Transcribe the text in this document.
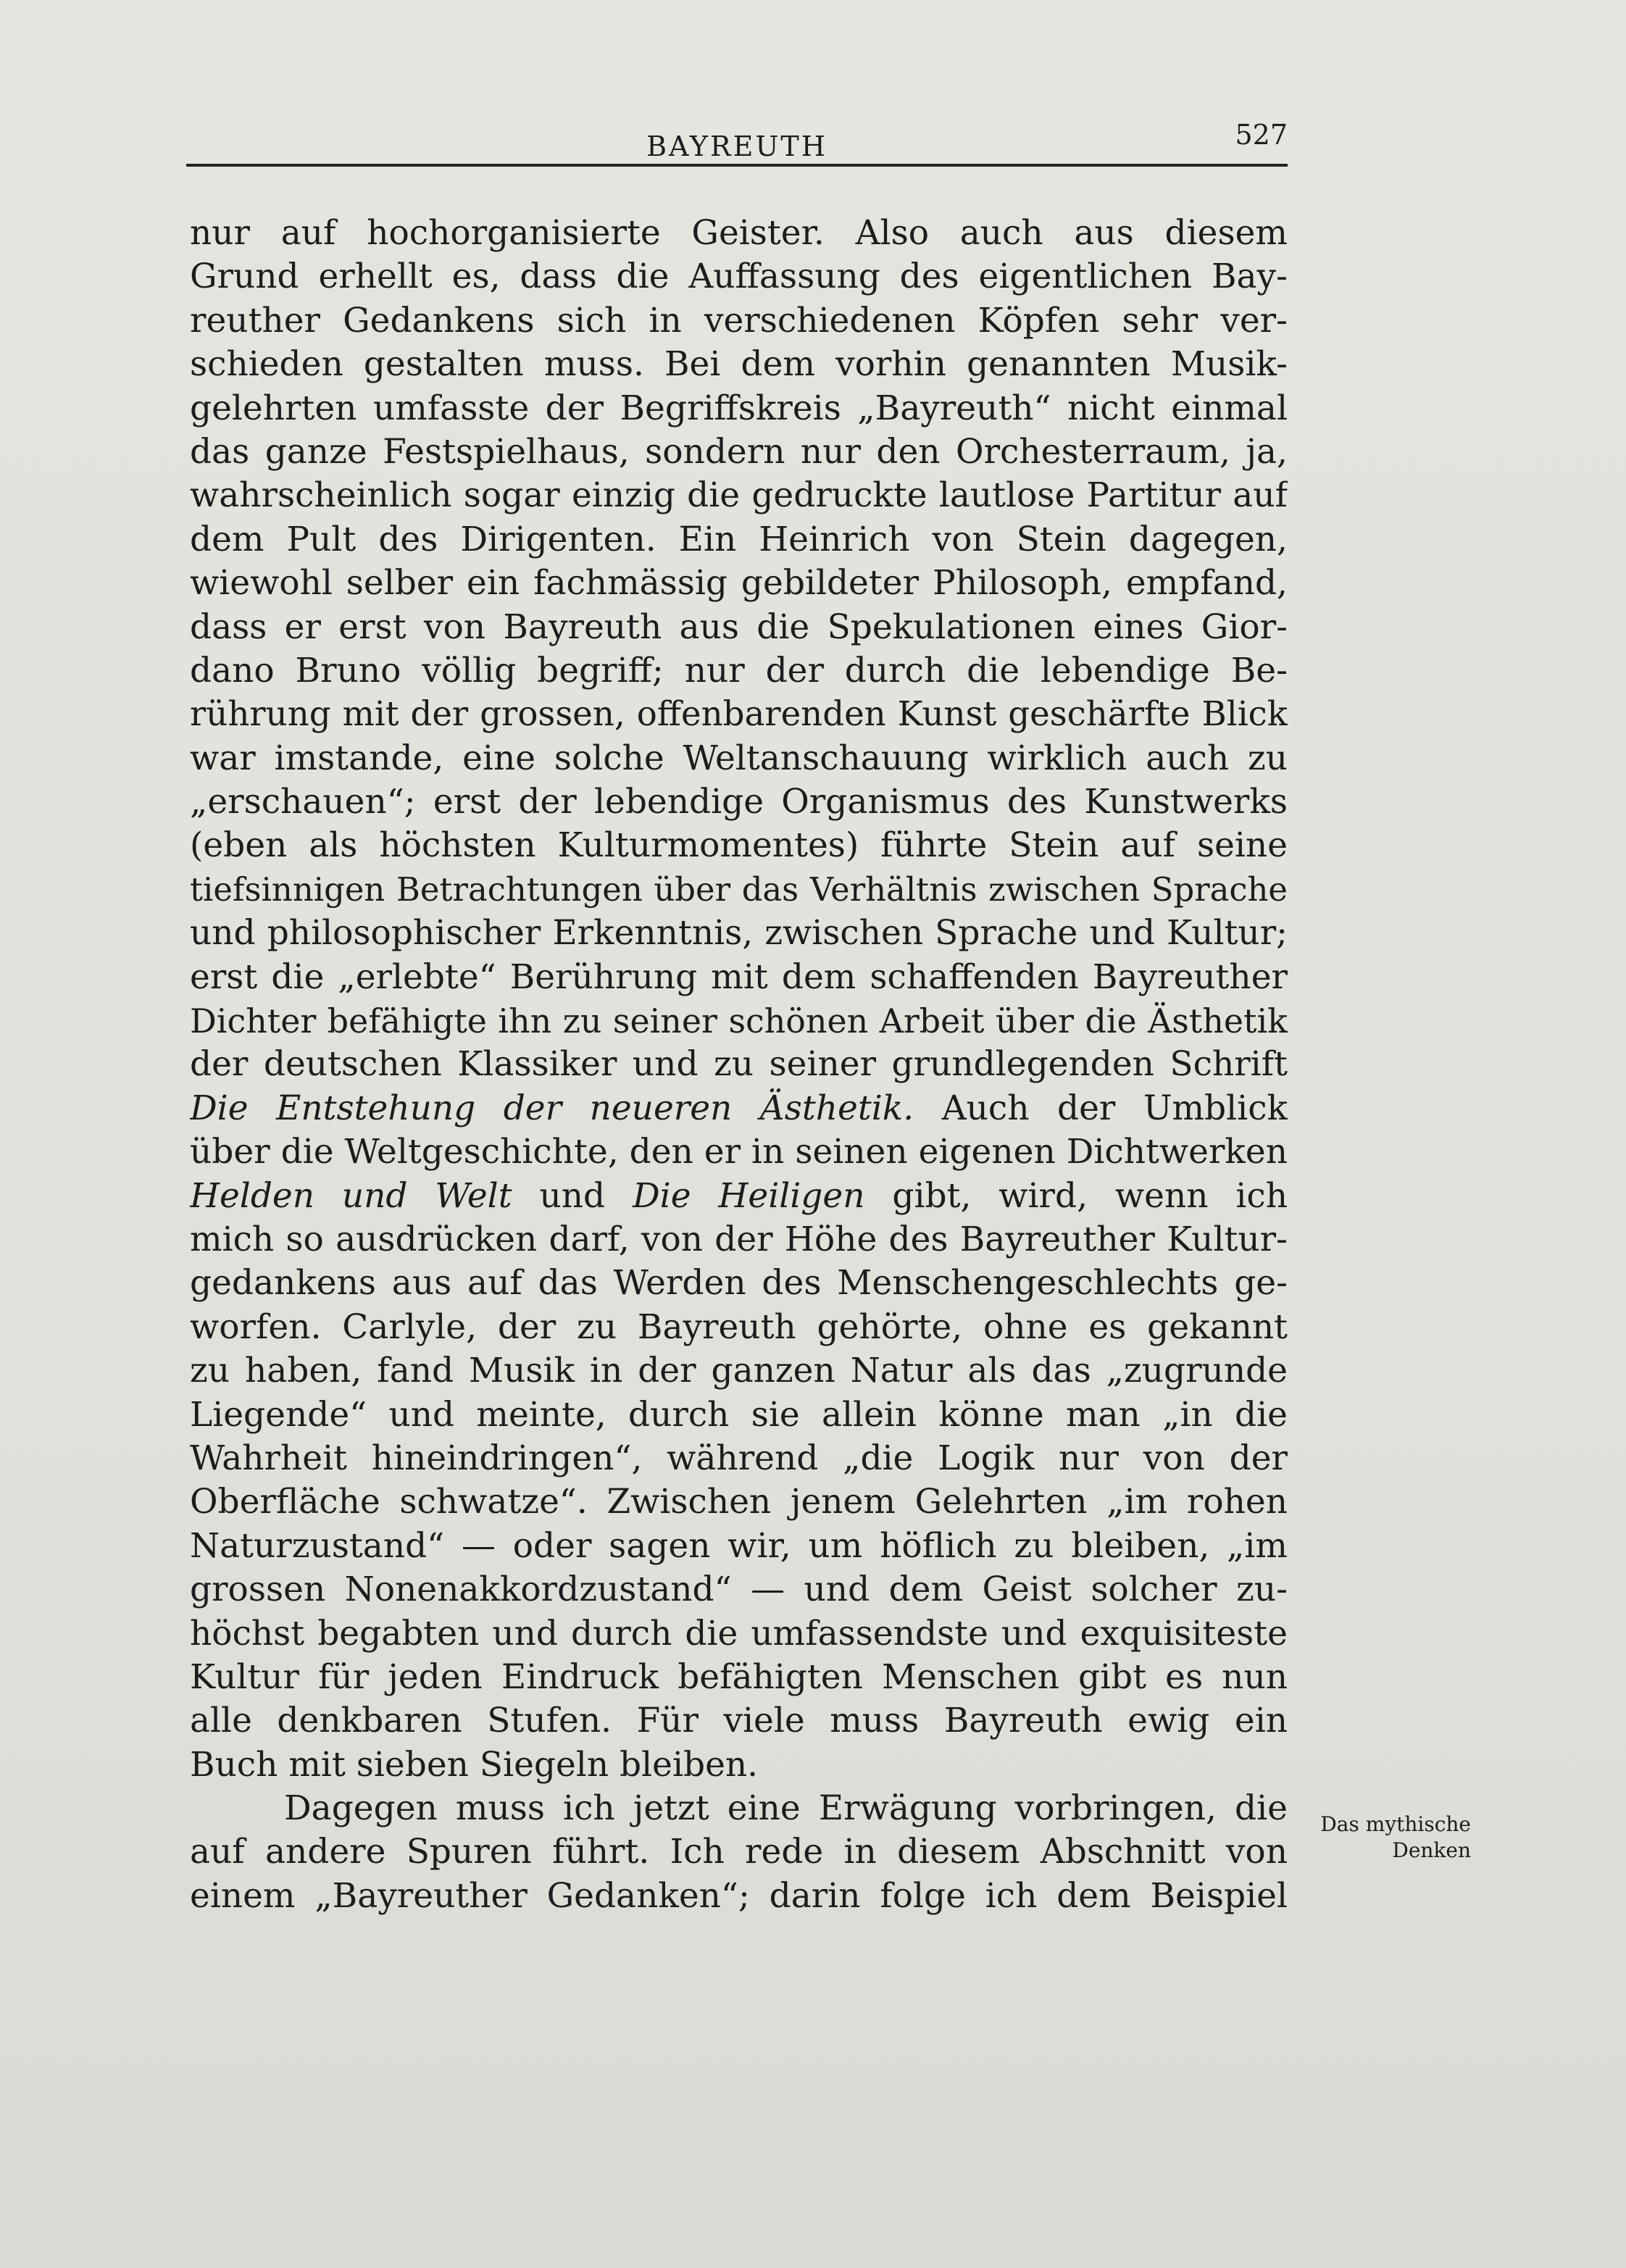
BAYREUTH	527
nur auf hochorganisierte Geister. Also auch aus diesem
Grund erhellt es, dass die Auffassung des eigentlichen Bay-
reuther Gedankens sich in verschiedenen Köpfen sehr ver-
schieden gestalten muss. Bei dem vorhin genannten Musik-
gelehrten umfasste der Begriffskreis „Bayreuth“ nicht einmal
das ganze Festspielhaus, sondern nur den Orchesterraum, ja,
wahrscheinlich sogar einzig die gedruckte lautlose Partitur auf
dem Pult des Dirigenten. Ein Heinrich von Stein dagegen,
wiewohl selber ein fachmässig gebildeter Philosoph, empfand,
dass er erst von Bayreuth aus die Spekulationen eines Gior-
dano Bruno völlig begriff; nur der durch die lebendige Be-
rührung mit der grossen, offenbarenden Kunst geschärfte Blick
war imstande, eine solche Weltanschauung wirklich auch zu
„erschauen“; erst der lebendige Organismus des Kunstwerks
(eben als höchsten Kulturmomentes) führte Stein auf seine
tiefsinnigen Betrachtungen über das Verhältnis zwischen Sprache
und philosophischer Erkenntnis, zwischen Sprache und Kultur;
erst die „erlebte“ Berührung mit dem schaffenden Bayreuther
Dichter befähigte ihn zu seiner schönen Arbeit über die Ästhetik
der deutschen Klassiker und zu seiner grundlegenden Schrift
Die Entstehung der neueren Ästhetik. Auch der Umblick
über die Weltgeschichte, den er in seinen eigenen Dichtwerken
Helden und Welt und Die Heiligen gibt, wird, wenn ich
mich so ausdrücken darf, von der Höhe des Bayreuther Kultur-
gedankens aus auf das Werden des Menschengeschlechts ge-
worfen. Carlyle, der zu Bayreuth gehörte, ohne es gekannt
zu haben, fand Musik in der ganzen Natur als das „zugrunde
Liegende“ und meinte, durch sie allein könne man „in die
Wahrheit hineindringen“, während „die Logik nur von der
Oberfläche schwatze“. Zwischen jenem Gelehrten „im rohen
Naturzustand“ — oder sagen wir, um höflich zu bleiben, „im
grossen Nonenakkordzustand“ — und dem Geist solcher zu-
höchst begabten und durch die umfassendste und exquisiteste
Kultur für jeden Eindruck befähigten Menschen gibt es nun
alle denkbaren Stufen. Für viele muss Bayreuth ewig ein
Buch mit sieben Siegeln bleiben.
Dagegen muss ich jetzt eine Erwägung vorbringen, die
auf andere Spuren führt. Ich rede in diesem Abschnitt von
einem „Bayreuther Gedanken“; darin folge ich dem Beispiel
Das mythische
Denken
